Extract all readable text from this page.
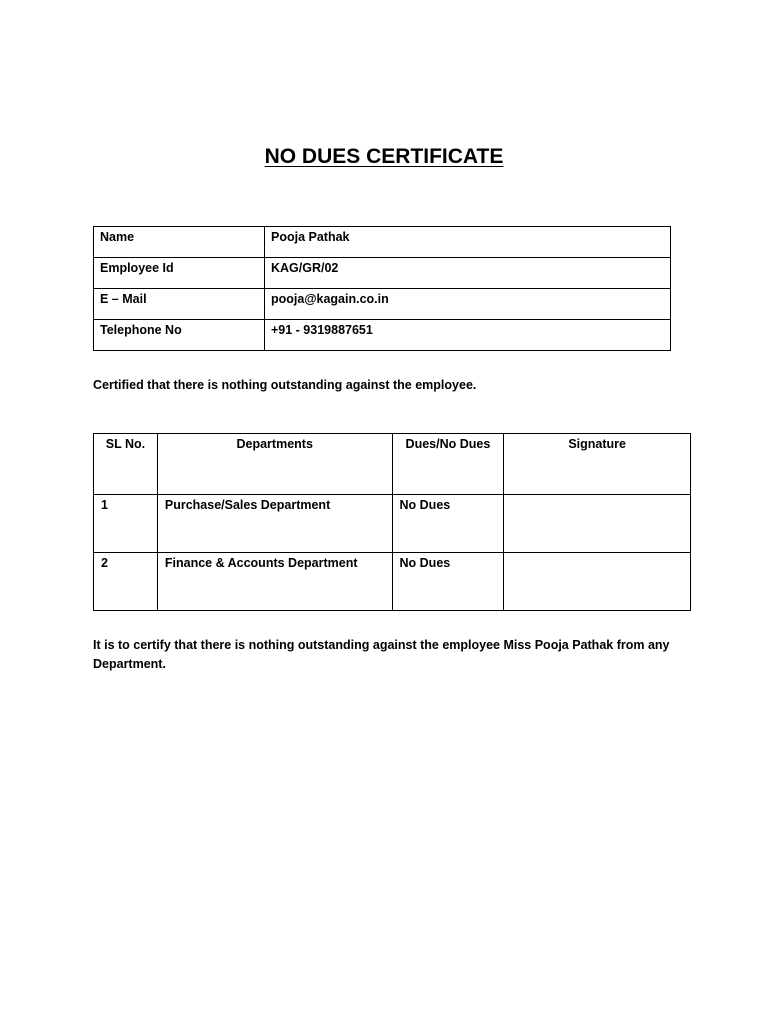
NO DUES CERTIFICATE
Name	Pooja Pathak
Employee Id	KAG/GR/02
E – Mail	pooja@kagain.co.in
Telephone No	+91 - 9319887651
Certified that there is nothing outstanding against the employee.
SL No.	Departments	Dues/No Dues	Signature
1	Purchase/Sales Department	No Dues	
2	Finance & Accounts Department	No Dues	
It is to certify that there is nothing outstanding against the employee Miss Pooja Pathak from any Department.
